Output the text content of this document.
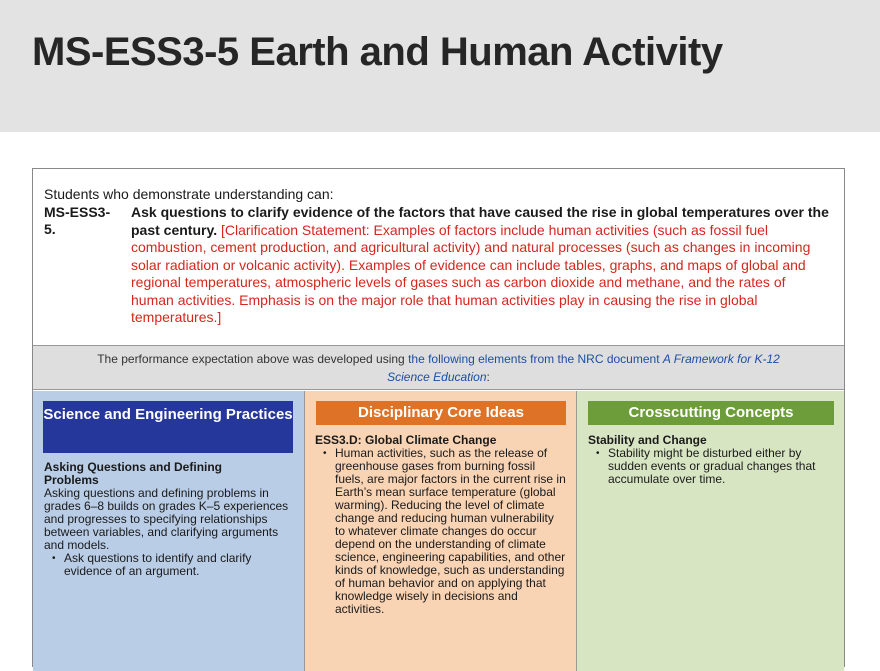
MS-ESS3-5 Earth and Human Activity
Students who demonstrate understanding can:
MS-ESS3-5.

Ask questions to clarify evidence of the factors that have caused the rise in global temperatures over the past century. [Clarification Statement: Examples of factors include human activities (such as fossil fuel combustion, cement production, and agricultural activity) and natural processes (such as changes in incoming solar radiation or volcanic activity). Examples of evidence can include tables, graphs, and maps of global and regional temperatures, atmospheric levels of gases such as carbon dioxide and methane, and the rates of human activities. Emphasis is on the major role that human activities play in causing the rise in global temperatures.]

The performance expectation above was developed using the following elements from the NRC document A Framework for K-12 Science Education:
Science and Engineering Practices
Asking Questions and Defining Problems

Asking questions and defining problems in grades 6–8 builds on grades K–5 experiences and progresses to specifying relationships between variables, and clarifying arguments and models.

• Ask questions to identify and clarify evidence of an argument.
Disciplinary Core Ideas
ESS3.D: Global Climate Change
• Human activities, such as the release of greenhouse gases from burning fossil fuels, are major factors in the current rise in Earth’s mean surface temperature (global warming). Reducing the level of climate change and reducing human vulnerability to whatever climate changes do occur depend on the understanding of climate science, engineering capabilities, and other kinds of knowledge, such as understanding of human behavior and on applying that knowledge wisely in decisions and activities.
Crosscutting Concepts
Stability and Change
• Stability might be disturbed either by sudden events or gradual changes that accumulate over time.
